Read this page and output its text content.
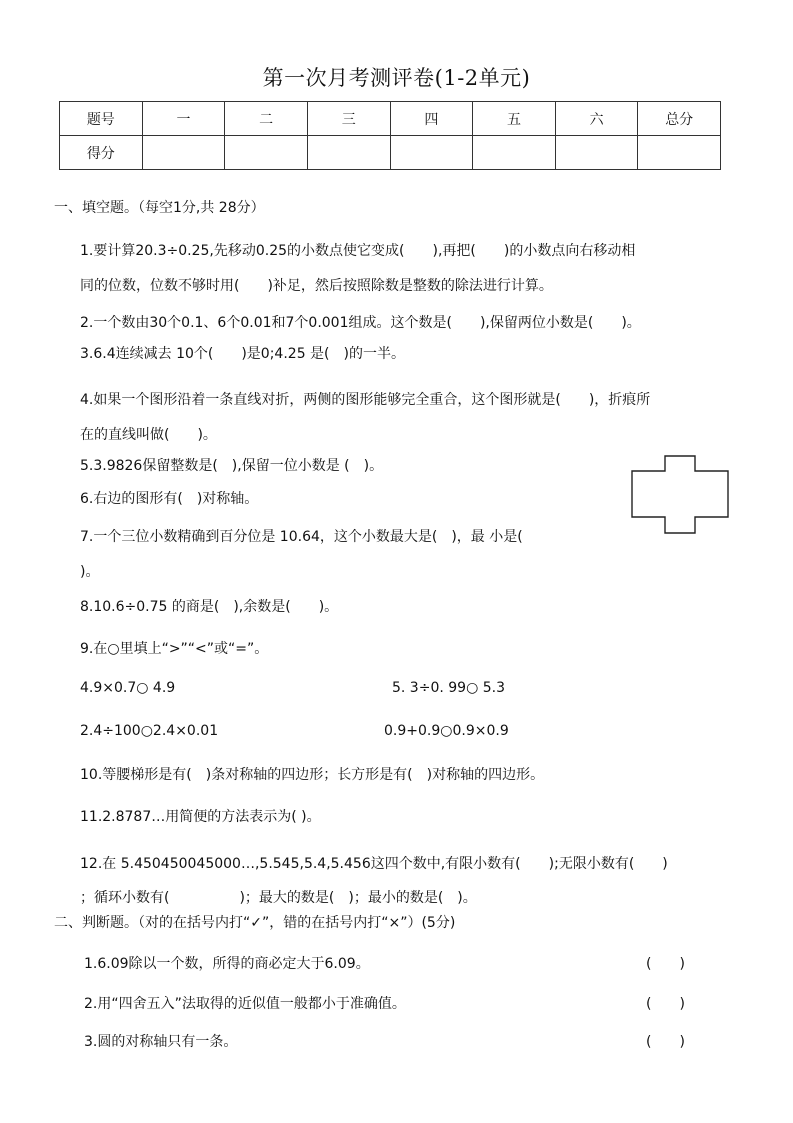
第一次月考测评卷(1-2单元)
题号	一	二	三	四	五	六	总分
得分							
一、填空题。（每空1分,共 28分）
1.要计算20.3÷0.25,先移动0.25的小数点使它变成(　　),再把(　　)的小数点向右移动相
同的位数，位数不够时用(　　)补足，然后按照除数是整数的除法进行计算。
2.一个数由30个0.1、6个0.01和7个0.001组成。这个数是(　　),保留两位小数是(　　)。
3.6.4连续减去 10个(　　)是0;4.25 是(　)的一半。
4.如果一个图形沿着一条直线对折，两侧的图形能够完全重合，这个图形就是(　　)，折痕所
在的直线叫做(　　)。
5.3.9826保留整数是(　),保留一位小数是 (　)。
6.右边的图形有(　)对称轴。
7.一个三位小数精确到百分位是 10.64，这个小数最大是(　)，最 小是(
)。
8.10.6÷0.75 的商是(　),余数是(　　)。
9.在○里填上“>”“<”或“=”。
4.9×0.7○ 4.9	5. 3÷0. 99○ 5.3
2.4÷100○2.4×0.01	0.9+0.9○0.9×0.9
10.等腰梯形是有(　)条对称轴的四边形；长方形是有(　)对称轴的四边形。
11.2.8787…用简便的方法表示为( )。
12.在 5.450450045000…,5.545,5.4,5.456这四个数中,有限小数有(　　);无限小数有(　　)
；循环小数有(　　　　　)；最大的数是(　)；最小的数是(　)。
二、判断题。（对的在括号内打“✓”，错的在括号内打“×”）(5分)
1.6.09除以一个数，所得的商必定大于6.09。	(　　)
2.用“四舍五入”法取得的近似值一般都小于准确值。	(　　)
3.圆的对称轴只有一条。	(　　)
